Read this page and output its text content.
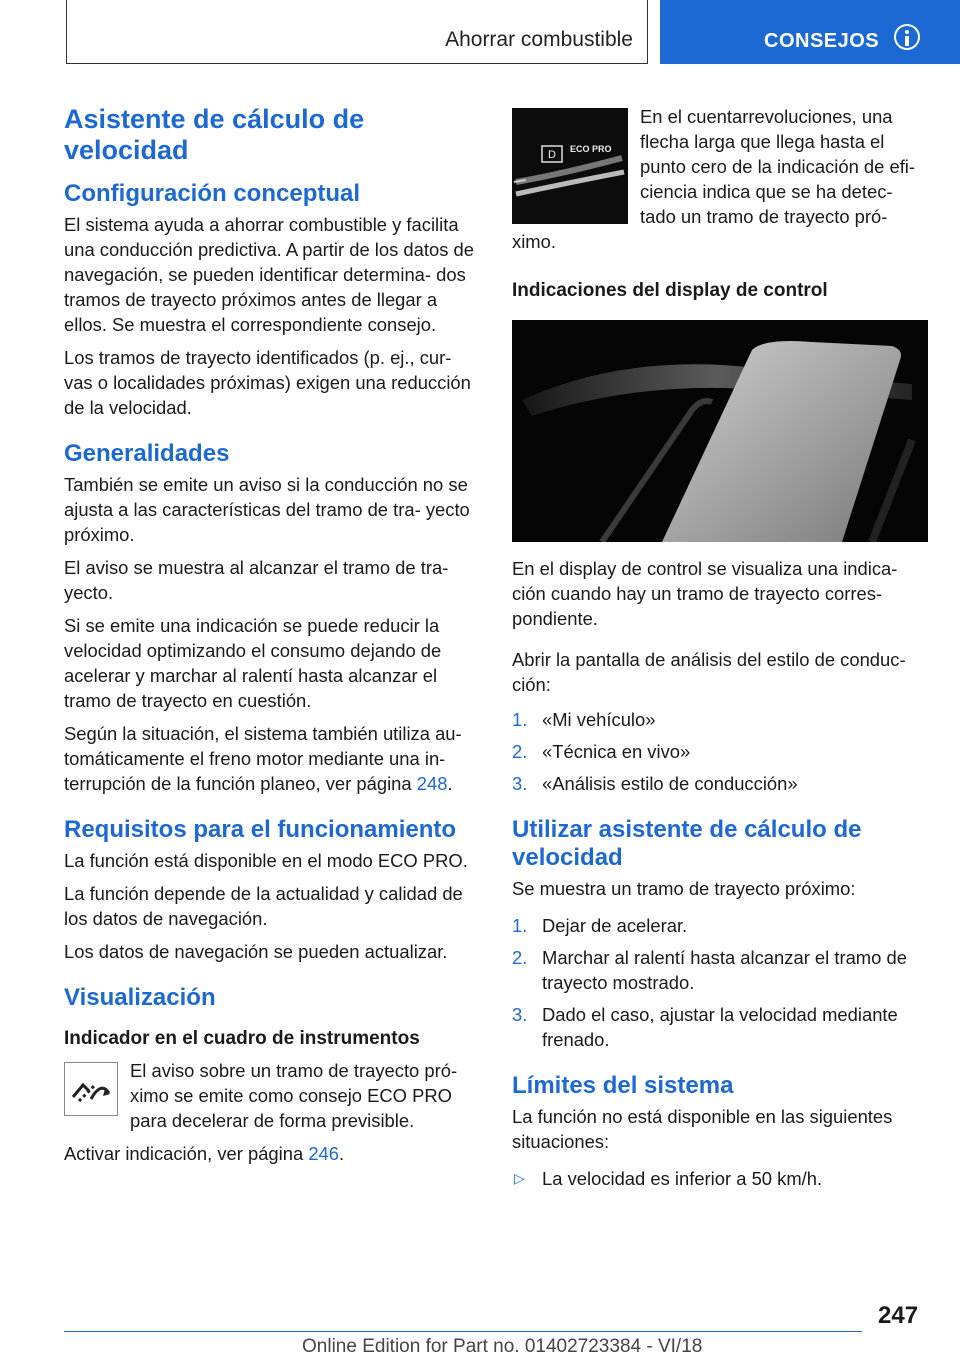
Ahorrar combustible	CONSEJOS
Asistente de cálculo de velocidad
Configuración conceptual
El sistema ayuda a ahorrar combustible y facilita una conducción predictiva. A partir de los datos de navegación, se pueden identificar determina‐ dos tramos de trayecto próximos antes de llegar a ellos. Se muestra el correspondiente consejo.
Los tramos de trayecto identificados (p. ej., cur‐ vas o localidades próximas) exigen una reducción de la velocidad.
Generalidades
También se emite un aviso si la conducción no se ajusta a las características del tramo de tra‐ yecto próximo.
El aviso se muestra al alcanzar el tramo de tra‐ yecto.
Si se emite una indicación se puede reducir la velocidad optimizando el consumo dejando de acelerar y marchar al ralentí hasta alcanzar el tramo de trayecto en cuestión.
Según la situación, el sistema también utiliza au‐ tomáticamente el freno motor mediante una in‐ terrupción de la función planeo, ver página 248.
Requisitos para el funcionamiento
La función está disponible en el modo ECO PRO.
La función depende de la actualidad y calidad de los datos de navegación.
Los datos de navegación se pueden actualizar.
Visualización
Indicador en el cuadro de instrumentos
El aviso sobre un tramo de trayecto pró‐ ximo se emite como consejo ECO PRO para decelerar de forma previsible.
Activar indicación, ver página 246.
D ECO PRO
En el cuentarrevoluciones, una flecha larga que llega hasta el punto cero de la indicación de efi‐ ciencia indica que se ha detec‐ tado un tramo de trayecto pró‐ ximo.
Indicaciones del display de control
En el display de control se visualiza una indica‐ ción cuando hay un tramo de trayecto corres‐ pondiente.
Abrir la pantalla de análisis del estilo de conduc‐ ción:
1. «Mi vehículo»
2. «Técnica en vivo»
3. «Análisis estilo de conducción»
Utilizar asistente de cálculo de velocidad
Se muestra un tramo de trayecto próximo:
1. Dejar de acelerar.
2. Marchar al ralentí hasta alcanzar el tramo de trayecto mostrado.
3. Dado el caso, ajustar la velocidad mediante frenado.
Límites del sistema
La función no está disponible en las siguientes situaciones:
▷ La velocidad es inferior a 50 km/h.
247
Online Edition for Part no. 01402723384 - VI/18
